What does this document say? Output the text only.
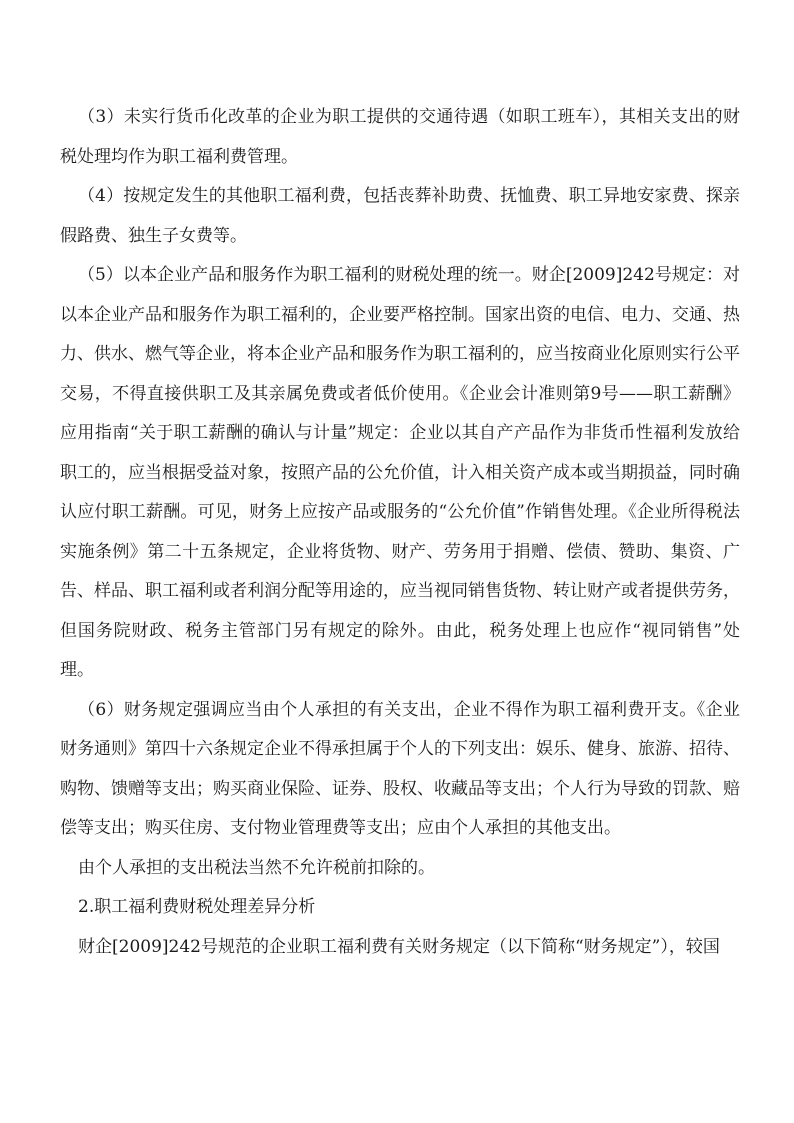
（3）未实行货币化改革的企业为职工提供的交通待遇（如职工班车），其相关支出的财税处理均作为职工福利费管理。

（4）按规定发生的其他职工福利费，包括丧葬补助费、抚恤费、职工异地安家费、探亲假路费、独生子女费等。

（5）以本企业产品和服务作为职工福利的财税处理的统一。财企[2009]242号规定：对以本企业产品和服务作为职工福利的，企业要严格控制。国家出资的电信、电力、交通、热力、供水、燃气等企业，将本企业产品和服务作为职工福利的，应当按商业化原则实行公平交易，不得直接供职工及其亲属免费或者低价使用。《企业会计准则第9号——职工薪酬》应用指南“关于职工薪酬的确认与计量”规定：企业以其自产产品作为非货币性福利发放给职工的，应当根据受益对象，按照产品的公允价值，计入相关资产成本或当期损益，同时确认应付职工薪酬。可见，财务上应按产品或服务的“公允价值”作销售处理。《企业所得税法实施条例》第二十五条规定，企业将货物、财产、劳务用于捐赠、偿债、赞助、集资、广告、样品、职工福利或者利润分配等用途的，应当视同销售货物、转让财产或者提供劳务，但国务院财政、税务主管部门另有规定的除外。由此，税务处理上也应作“视同销售”处理。

（6）财务规定强调应当由个人承担的有关支出，企业不得作为职工福利费开支。《企业财务通则》第四十六条规定企业不得承担属于个人的下列支出：娱乐、健身、旅游、招待、购物、馈赠等支出；购买商业保险、证券、股权、收藏品等支出；个人行为导致的罚款、赔偿等支出；购买住房、支付物业管理费等支出；应由个人承担的其他支出。

由个人承担的支出税法当然不允许税前扣除的。

2.职工福利费财税处理差异分析

财企[2009]242号规范的企业职工福利费有关财务规定（以下简称“财务规定”），较国
